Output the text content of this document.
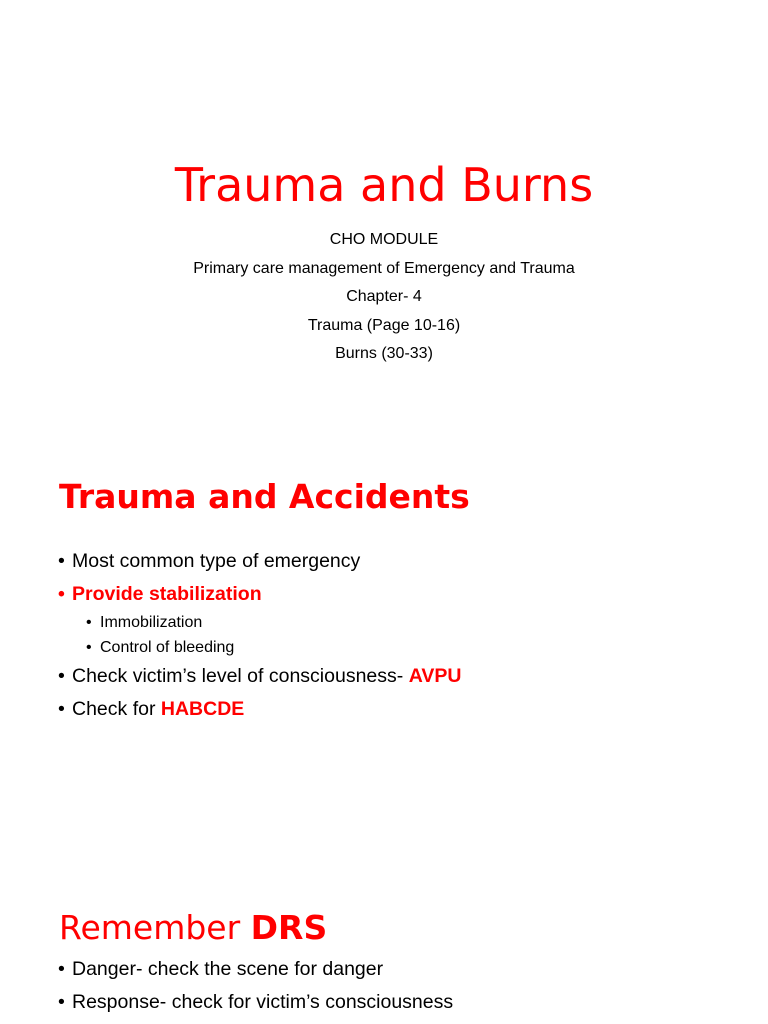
Trauma and Burns
CHO MODULE
Primary care management of Emergency and Trauma
Chapter- 4
Trauma (Page 10-16)
Burns (30-33)
Trauma and Accidents
• Most common type of emergency
• Provide stabilization
• Immobilization
• Control of bleeding
• Check victim’s level of consciousness- AVPU
• Check for HABCDE
Remember DRS
• Danger- check the scene for danger
• Response- check for victim’s consciousness
